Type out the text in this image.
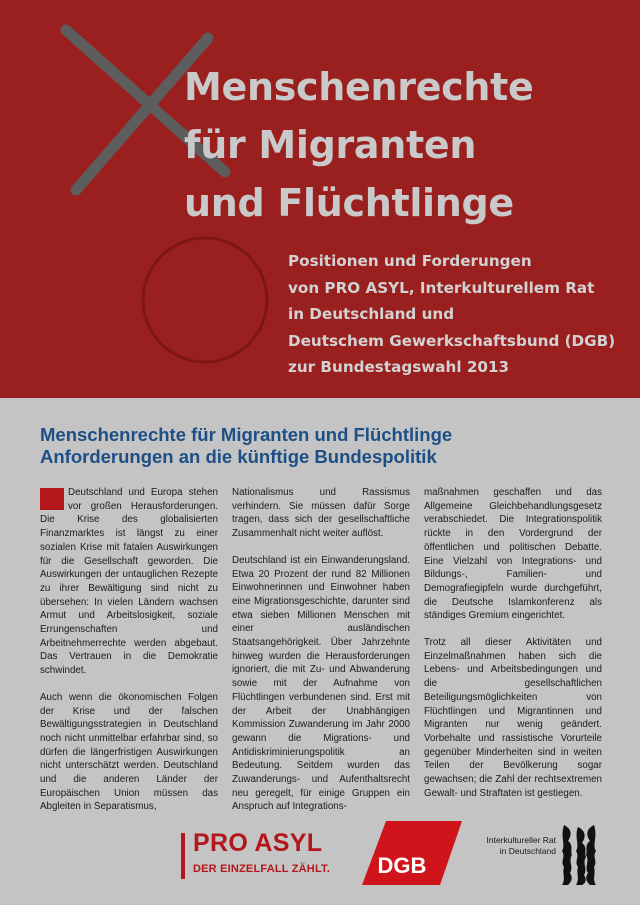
Menschenrechte
für Migranten
und Flüchtlinge

Positionen und Forderungen
von PRO ASYL, Interkulturellem Rat
in Deutschland und
Deutschem Gewerkschaftsbund (DGB)
zur Bundestagswahl 2013

Menschenrechte für Migranten und Flüchtlinge
Anforderungen an die künftige Bundespolitik

Deutschland und Europa stehen vor großen Herausforderungen. Die Krise des globalisierten Finanzmarktes ist längst zu einer sozialen Krise mit fatalen Auswirkungen für die Gesellschaft geworden. Die Auswirkungen der untauglichen Rezepte zu ihrer Bewältigung sind nicht zu übersehen: In vielen Ländern wachsen Armut und Arbeitslosigkeit, soziale Errungenschaften und Arbeitnehmerrechte werden abgebaut. Das Vertrauen in die Demokratie schwindet.

Auch wenn die ökonomischen Folgen der Krise und der falschen Bewältigungsstrategien in Deutschland noch nicht unmittelbar erfahrbar sind, so dürfen die längerfristigen Auswirkungen nicht unterschätzt werden. Deutschland und die anderen Länder der Europäischen Union müssen das Abgleiten in Separatismus,

Nationalismus und Rassismus verhindern. Sie müssen dafür Sorge tragen, dass sich der gesellschaftliche Zusammenhalt nicht weiter auflöst.

Deutschland ist ein Einwanderungsland. Etwa 20 Prozent der rund 82 Millionen Einwohnerinnen und Einwohner haben eine Migrationsgeschichte, darunter sind etwa sieben Millionen Menschen mit einer ausländischen Staatsangehörigkeit. Über Jahrzehnte hinweg wurden die Herausforderungen ignoriert, die mit Zu- und Abwanderung sowie mit der Aufnahme von Flüchtlingen verbundenen sind. Erst mit der Arbeit der Unabhängigen Kommission Zuwanderung im Jahr 2000 gewann die Migrations- und Antidiskriminierungspolitik an Bedeutung. Seitdem wurden das Zuwanderungs- und Aufenthaltsrecht neu geregelt, für einige Gruppen ein Anspruch auf Integrations-

maßnahmen geschaffen und das Allgemeine Gleichbehandlungsgesetz verabschiedet. Die Integrationspolitik rückte in den Vordergrund der öffentlichen und politischen Debatte. Eine Vielzahl von Integrations- und Bildungs-, Familien- und Demografiegipfeln wurde durchgeführt, die Deutsche Islamkonferenz als ständiges Gremium eingerichtet.

Trotz all dieser Aktivitäten und Einzelmaßnahmen haben sich die Lebens- und Arbeitsbedingungen und die gesellschaftlichen Beteiligungsmöglichkeiten von Flüchtlingen und Migrantinnen und Migranten nur wenig geändert. Vorbehalte und rassistische Vorurteile gegenüber Minderheiten sind in weiten Teilen der Bevölkerung sogar gewachsen; die Zahl der rechtsextremen Gewalt- und Straftaten ist gestiegen.

PRO ASYL
DER EINZELFALL ZÄHLT. DGB
Interkultureller Rat
in Deutschland
